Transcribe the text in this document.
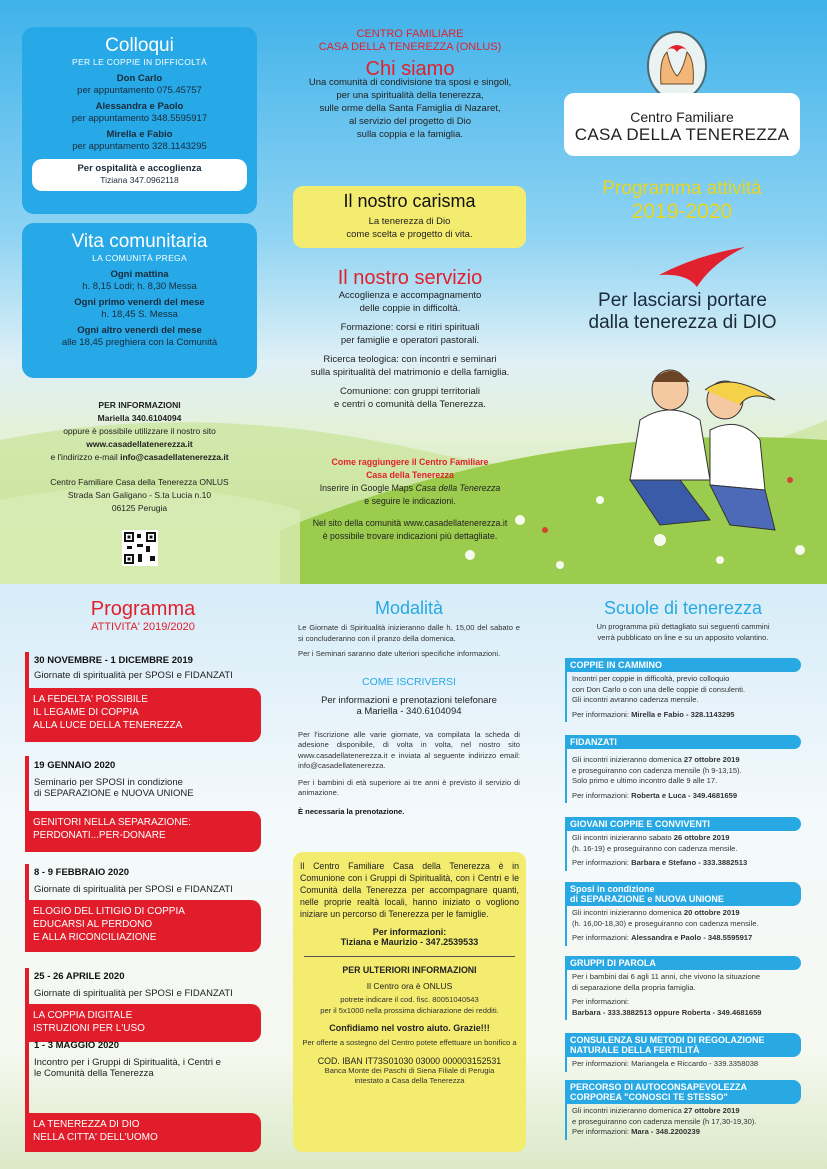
Colloqui
PER LE COPPIE IN DIFFICOLTÀ
Don Carlo
per appuntamento 075.45757
Alessandra e Paolo
per appuntamento 348.5595917
Mirella e Fabio
per appuntamento 328.1143295
Per ospitalità e accoglienza
Tiziana 347.0962118
Vita comunitaria
LA COMUNITÀ PREGA
Ogni mattina
h. 8,15 Lodi; h. 8,30 Messa
Ogni primo venerdì del mese
h. 18,45 S. Messa
Ogni altro venerdì del mese
alle 18,45 preghiera con la Comunità
PER INFORMAZIONI
Mariella 340.6104094
oppure è possibile utilizzare il nostro sito
www.casadellatenerezza.it
e l'indirizzo e-mail info@casadellatenerezza.it
Centro Familiare Casa della Tenerezza ONLUS
Strada San Galigano - S.ta Lucia n.10
06125 Perugia
CENTRO FAMILIARE
CASA DELLA TENEREZZA (ONLUS)
Chi siamo
Una comunità di condivisione tra sposi e singoli,
per una spiritualità della tenerezza,
sulle orme della Santa Famiglia di Nazaret,
al servizio del progetto di Dio
sulla coppia e la famiglia.
Il nostro carisma
La tenerezza di Dio
come scelta e progetto di vita.
Il nostro servizio
Accoglienza e accompagnamento
delle coppie in difficoltà.
Formazione: corsi e ritiri spirituali
per famiglie e operatori pastorali.
Ricerca teologica: con incontri e seminari
sulla spiritualità del matrimonio e della famiglia.
Comunione: con gruppi territoriali
e centri o comunità della Tenerezza.
Come raggiungere il Centro Familiare
Casa della Tenerezza
Inserire in Google Maps Casa della Tenerezza
e seguire le indicazioni.
Nel sito della comunità www.casadellatenerezza.it
è possibile trovare indicazioni più dettagliate.
Centro Familiare
CASA DELLA TENEREZZA
Programma attività
2019-2020
Per lasciarsi portare
dalla tenerezza di DIO
Programma
ATTIVITA' 2019/2020
30 NOVEMBRE - 1 DICEMBRE 2019
Giornate di spiritualità per SPOSI e FIDANZATI
LA FEDELTA' POSSIBILE
IL LEGAME DI COPPIA
ALLA LUCE DELLA TENEREZZA
19 GENNAIO 2020
Seminario per SPOSI in condizione
di SEPARAZIONE e NUOVA UNIONE
GENITORI NELLA SEPARAZIONE:
PERDONATI...PER-DONARE
8 - 9 FEBBRAIO 2020
Giornate di spiritualità per SPOSI e FIDANZATI
ELOGIO DEL LITIGIO DI COPPIA
EDUCARSI AL PERDONO
E ALLA RICONCILIAZIONE
25 - 26 APRILE 2020
Giornate di spiritualità per SPOSI e FIDANZATI
LA COPPIA DIGITALE
ISTRUZIONI PER L'USO
1 - 3 MAGGIO 2020
Incontro per i Gruppi di Spiritualità, i Centri e
le Comunità della Tenerezza
LA TENEREZZA DI DIO
NELLA CITTA' DELL'UOMO
Modalità
Le Giornate di Spiritualità inizieranno dalle h. 15,00 del sabato e si concluderanno con il pranzo della domenica.
Per i Seminari saranno date ulteriori specifiche informazioni.
COME ISCRIVERSI
Per informazioni e prenotazioni telefonare
a Mariella - 340.6104094
Per l'iscrizione alle varie giornate, va compilata la scheda di adesione disponibile, di volta in volta, nel nostro sito www.casadellatenerezza.it e inviata al seguente indirizzo email: info@casadellatenerezza.
Per i bambini di età superiore ai tre anni è previsto il servizio di animazione.
È necessaria la prenotazione.
Il Centro Familiare Casa della Tenerezza è in Comunione con i Gruppi di Spiritualità, con i Centri e le Comunità della Tenerezza per accompagnare quanti, nelle proprie realtà locali, hanno iniziato o vogliono iniziare un percorso di Tenerezza per le famiglie.
Per informazioni:
Tiziana e Maurizio - 347.2539533
PER ULTERIORI INFORMAZIONI
Il Centro ora è ONLUS
potrete indicare il cod. fisc. 80051040543
per il 5x1000 nella prossima dichiarazione dei redditi.
Confidiamo nel vostro aiuto. Grazie!!!
Per offerte a sostegno del Centro potete effettuare un bonifico a
COD. IBAN IT73S01030 03000 000003152531
Banca Monte dei Paschi di Siena Filiale di Perugia
intestato a Casa della Tenerezza
Scuole di tenerezza
Un programma più dettagliato sui seguenti cammini
verrà pubblicato on line e su un apposito volantino.
COPPIE IN CAMMINO
Incontri per coppie in difficoltà, previo colloquio
con Don Carlo o con una delle coppie di consulenti.
Gli incontri avranno cadenza mensile.
Per informazioni: Mirella e Fabio - 328.1143295
FIDANZATI
Gli incontri inizieranno domenica 27 ottobre 2019
e proseguiranno con cadenza mensile (h 9-13,15).
Solo primo e ultimo incontro dalle 9 alle 17.
Per informazioni: Roberta e Luca - 349.4681659
GIOVANI COPPIE E CONVIVENTI
Gli incontri inizieranno sabato 26 ottobre 2019
(h. 16-19) e proseguiranno con cadenza mensile.
Per informazioni: Barbara e Stefano - 333.3882513
Sposi in condizione
di SEPARAZIONE e NUOVA UNIONE
Gli incontri inizieranno domenica 20 ottobre 2019
(h. 16,00-18,30) e proseguiranno con cadenza mensile.
Per informazioni: Alessandra e Paolo - 348.5595917
GRUPPI DI PAROLA
Per i bambini dai 6 agli 11 anni, che vivono la situazione
di separazione della propria famiglia.
Per informazioni:
Barbara - 333.3882513 oppure Roberta - 349.4681659
CONSULENZA SU METODI DI REGOLAZIONE
NATURALE DELLA FERTILITÀ
Per informazioni: Mariangela e Riccardo - 339.3358038
PERCORSO DI AUTOCONSAPEVOLEZZA
CORPOREA "CONOSCI TE STESSO"
Gli incontri inizieranno domenica 27 ottobre 2019
e proseguiranno con cadenza mensile (h 17,30-19,30).
Per informazioni: Mara - 348.2200239
